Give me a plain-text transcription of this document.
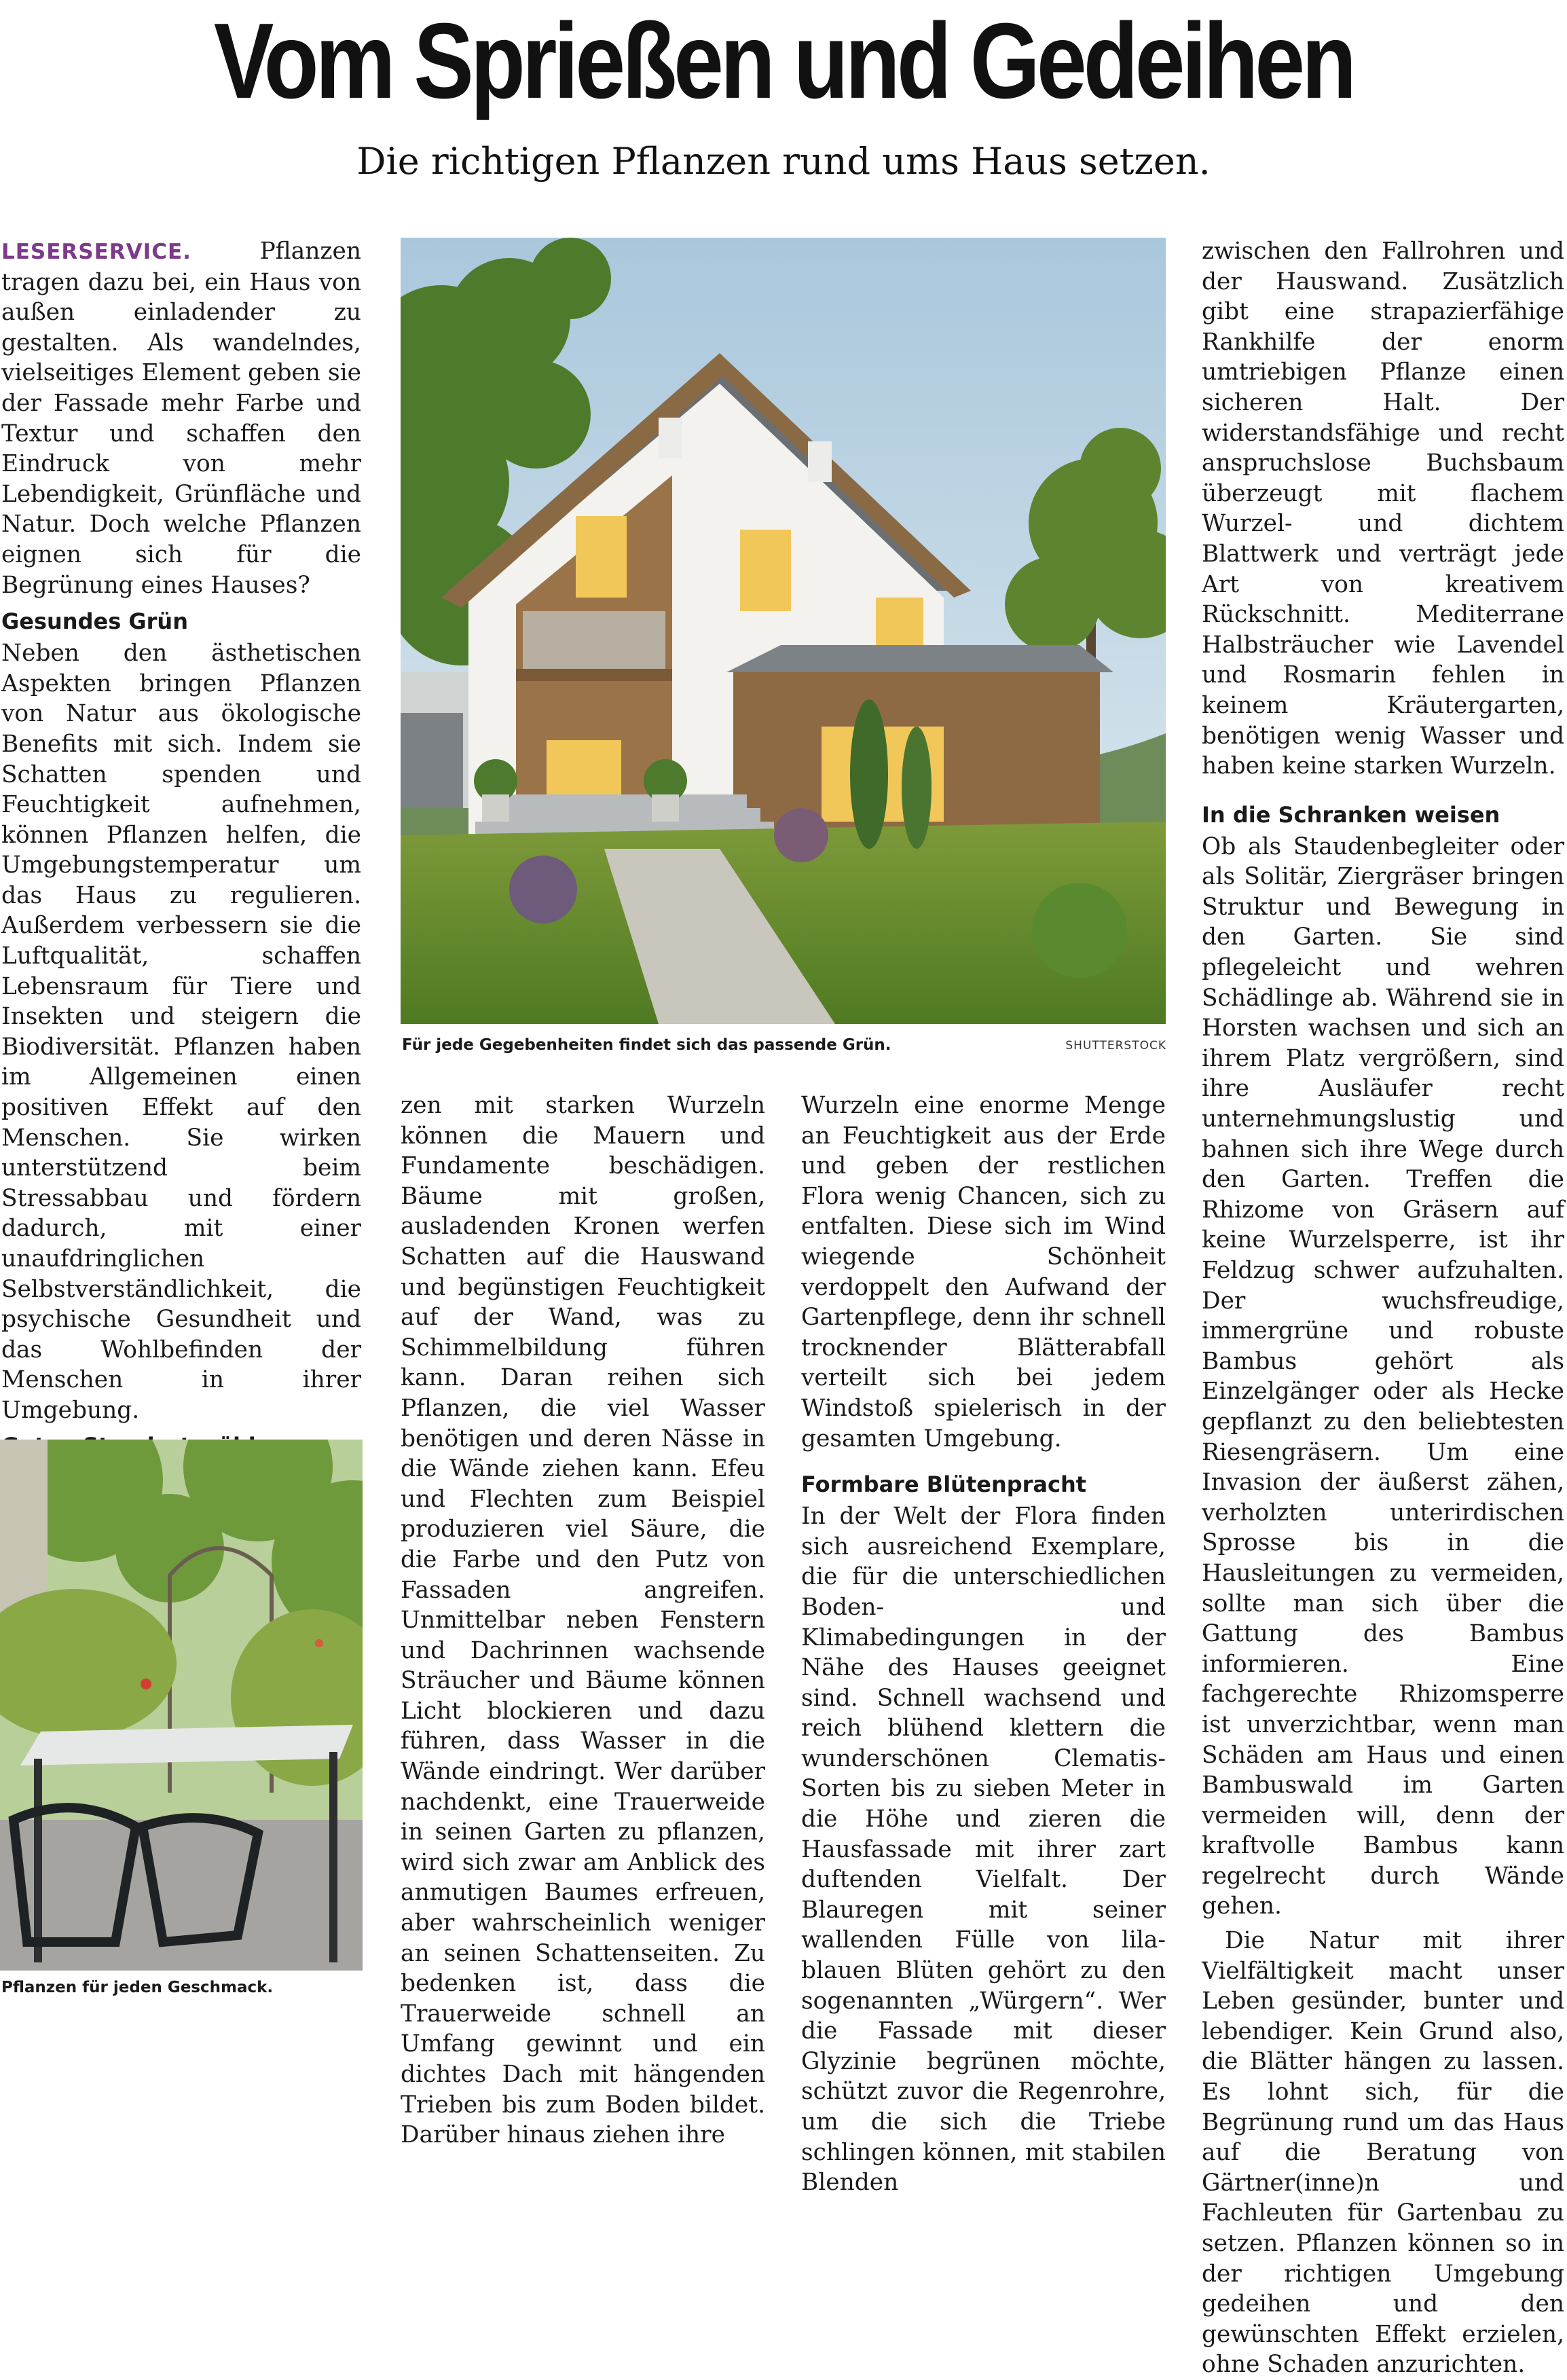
Vom Sprießen und Gedeihen
Die richtigen Pflanzen rund ums Haus setzen.

LESERSERVICE.	Pflanzen tragen dazu bei, ein Haus von außen einladender zu gestalten. Als wandelndes, vielseitiges Element geben sie der Fassade mehr Farbe und Textur und schaffen den Eindruck von mehr Lebendigkeit, Grünfläche und Natur. Doch welche Pflanzen eignen sich für die Begrünung eines Hauses?

Gesundes Grün

Neben den ästhetischen Aspekten bringen Pflanzen von Natur aus ökologische Benefits mit sich. Indem sie Schatten spenden und Feuchtigkeit aufnehmen, können Pflanzen helfen, die Umgebungstemperatur um das Haus zu regulieren. Außerdem verbessern sie die Luftqualität, schaffen Lebensraum für Tiere und Insekten und steigern die Biodiversität. Pflanzen haben im Allgemeinen einen positiven Effekt auf den Menschen. Sie wirken unterstützend beim Stressabbau und fördern dadurch, mit einer unaufdringlichen Selbstverständlichkeit, die psychische Gesundheit und das Wohlbefinden der Menschen in ihrer Umgebung.

zen mit starken Wurzeln können die Mauern und Fundamente beschädigen. Bäume mit großen, ausladenden Kronen werfen Schatten auf die Hauswand und begünstigen Feuchtigkeit auf der Wand, was zu Schimmelbildung führen kann. Daran reihen sich Pflanzen, die viel Wasser benötigen und deren Nässe in die Wände ziehen kann. Efeu und Flechten zum Beispiel produzieren viel Säure, die die Farbe und den Putz von Fassaden angreifen. Unmittelbar neben Fenstern und Dachrinnen wachsende Sträucher und Bäume können Licht blockieren und dazu führen, dass Wasser in die Wände eindringt. Wer darüber nachdenkt, eine Trauerweide in seinen Garten zu pflanzen, wird sich zwar am Anblick des anmutigen Baumes erfreuen, aber wahrscheinlich weniger an seinen Schattenseiten. Zu bedenken ist, dass die Trauerweide schnell an Umfang gewinnt und ein dichtes Dach mit hängenden Trieben bis zum Boden bildet. Darüber hinaus ziehen ihre

Wurzeln eine enorme Menge an Feuchtigkeit aus der Erde und geben der restlichen Flora wenig Chancen, sich zu entfalten. Diese sich im Wind wiegende Schönheit verdoppelt den Aufwand der Gartenpflege, denn ihr schnell trocknender Blätterabfall verteilt sich bei jedem Windstoß spielerisch in der gesamten Umgebung.

Formbare Blütenpracht

In der Welt der Flora finden sich ausreichend Exemplare, die für die unterschiedlichen Boden- und Klimabedingungen in der Nähe des Hauses geeignet sind. Schnell wachsend und reich blühend klettern die wunderschönen Clematis-Sorten bis zu sieben Meter in die Höhe und zieren die Hausfassade mit ihrer zart duftenden Vielfalt. Der Blauregen mit seiner wallenden Fülle von lila-blauen Blüten gehört zu den sogenannten „Würgern“. Wer die Fassade mit dieser Glyzinie begrünen möchte, schützt zuvor die Regenrohre, um die sich die Triebe schlingen können, mit stabilen Blenden

zwischen den Fallrohren und der Hauswand. Zusätzlich gibt eine strapazierfähige Rankhilfe der enorm umtriebigen Pflanze einen sicheren Halt. Der widerstandsfähige und recht anspruchslose Buchsbaum überzeugt mit flachem Wurzel- und dichtem Blattwerk und verträgt jede Art von kreativem Rückschnitt. Mediterrane Halbsträucher wie Lavendel und Rosmarin fehlen in keinem Kräutergarten, benötigen wenig Wasser und haben keine starken Wurzeln.

In die Schranken weisen

Ob als Staudenbegleiter oder als Solitär, Ziergräser bringen Struktur und Bewegung in den Garten. Sie sind pflegeleicht und wehren Schädlinge ab. Während sie in Horsten wachsen und sich an ihrem Platz vergrößern, sind ihre Ausläufer recht unternehmungslustig und bahnen sich ihre Wege durch den Garten. Treffen die Rhizome von Gräsern auf keine Wurzelsperre, ist ihr Feldzug schwer aufzuhalten. Der wuchsfreudige, immergrüne und robuste Bambus gehört als Einzelgänger oder als Hecke gepflanzt zu den beliebtesten Riesengräsern. Um eine Invasion der äußerst zähen, verholzten unterirdischen Sprosse bis in die Hausleitungen zu vermeiden, sollte man sich über die Gattung des Bambus informieren. Eine fachgerechte Rhizomsperre ist unverzichtbar, wenn man Schäden am Haus und einen Bambuswald im Garten vermeiden will, denn der kraftvolle Bambus kann regelrecht durch Wände gehen.

Die Natur mit ihrer Vielfältigkeit macht unser Leben gesünder, bunter und lebendiger. Kein Grund also, die Blätter hängen zu lassen. Es lohnt sich, für die Begrünung rund um das Haus auf die Beratung von Gärtner(inne)n und Fachleuten für Gartenbau zu setzen. Pflanzen können so in der richtigen Umgebung gedeihen und den gewünschten Effekt erzielen, ohne Schaden anzurichten.

Für jede Gegebenheiten findet sich das passende Grün.	SHUTTERSTOCK
Pflanzen für jeden Geschmack.
